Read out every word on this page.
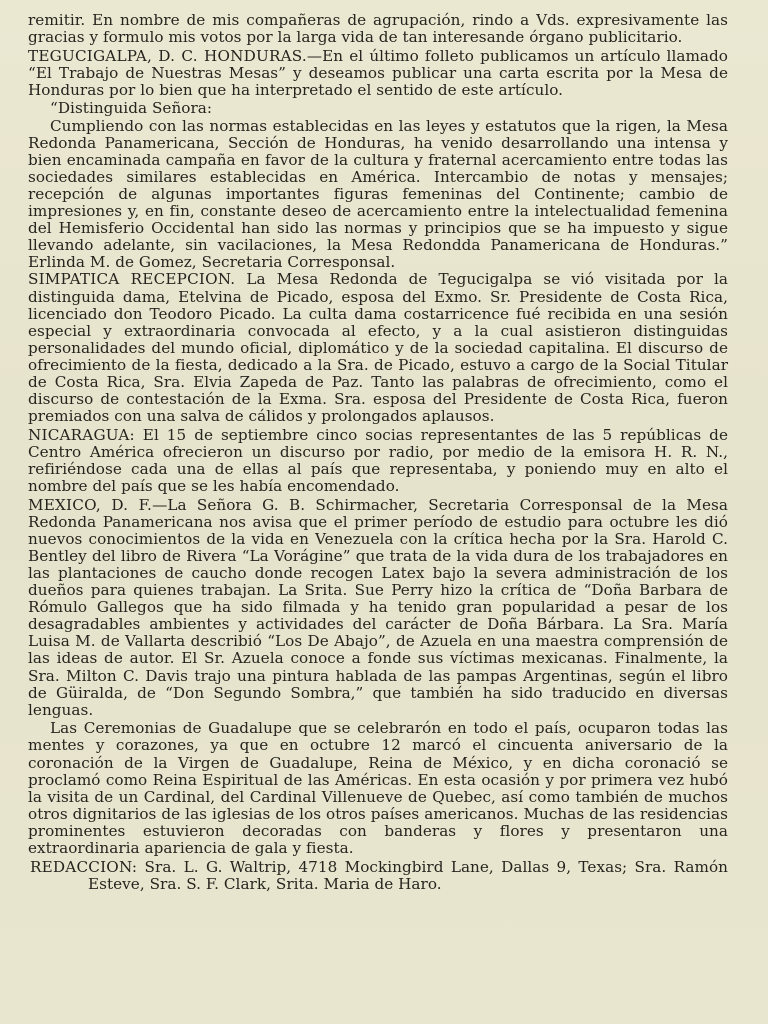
remitir. En nombre de mis compañeras de agrupación, rindo a Vds. expresivamente las gracias y formulo mis votos por la larga vida de tan interesande órgano publicitario.

TEGUCIGALPA, D. C. HONDURAS.—En el último folleto publicamos un artículo llamado “El Trabajo de Nuestras Mesas” y deseamos publicar una carta escrita por la Mesa de Honduras por lo bien que ha interpretado el sentido de este artículo.

“Distinguida Señora:

Cumpliendo con las normas establecidas en las leyes y estatutos que la rigen, la Mesa Redonda Panamericana, Sección de Honduras, ha venido desarrollando una intensa y bien encaminada campaña en favor de la cultura y fraternal acercamiento entre todas las sociedades similares establecidas en América. Intercambio de notas y mensajes; recepción de algunas importantes figuras femeninas del Continente; cambio de impresiones y, en fin, constante deseo de acercamiento entre la intelectualidad femenina del Hemisferio Occidental han sido las normas y principios que se ha impuesto y sigue llevando adelante, sin vacilaciones, la Mesa Redondda Panamericana de Honduras.” Erlinda M. de Gomez, Secretaria Corresponsal.

SIMPATICA RECEPCION. La Mesa Redonda de Tegucigalpa se vió visitada por la distinguida dama, Etelvina de Picado, esposa del Exmo. Sr. Presidente de Costa Rica, licenciado don Teodoro Picado. La culta dama costarricence fué recibida en una sesión especial y extraordinaria convocada al efecto, y a la cual asistieron distinguidas personalidades del mundo oficial, diplomático y de la sociedad capitalina. El discurso de ofrecimiento de la fiesta, dedicado a la Sra. de Picado, estuvo a cargo de la Social Titular de Costa Rica, Sra. Elvia Zapeda de Paz. Tanto las palabras de ofrecimiento, como el discurso de contestación de la Exma. Sra. esposa del Presidente de Costa Rica, fueron premiados con una salva de cálidos y prolongados aplausos.

NICARAGUA: El 15 de septiembre cinco socias representantes de las 5 repúblicas de Centro América ofrecieron un discurso por radio, por medio de la emisora H. R. N., refiriéndose cada una de ellas al país que representaba, y poniendo muy en alto el nombre del país que se les había encomendado.

MEXICO, D. F.—La Señora G. B. Schirmacher, Secretaria Corresponsal de la Mesa Redonda Panamericana nos avisa que el primer período de estudio para octubre les dió nuevos conocimientos de la vida en Venezuela con la crítica hecha por la Sra. Harold C. Bentley del libro de Rivera “La Vorágine” que trata de la vida dura de los trabajadores en las plantaciones de caucho donde recogen Latex bajo la severa administración de los dueños para quienes trabajan. La Srita. Sue Perry hizo la crítica de “Doña Barbara de Rómulo Gallegos que ha sido filmada y ha tenido gran popularidad a pesar de los desagradables ambientes y actividades del carácter de Doña Bárbara. La Sra. María Luisa M. de Vallarta describió “Los De Abajo”, de Azuela en una maestra comprensión de las ideas de autor. El Sr. Azuela conoce a fonde sus víctimas mexicanas. Finalmente, la Sra. Milton C. Davis trajo una pintura hablada de las pampas Argentinas, según el libro de Güiralda, de “Don Segundo Sombra,” que también ha sido traducido en diversas lenguas.

Las Ceremonias de Guadalupe que se celebrarón en todo el país, ocuparon todas las mentes y corazones, ya que en octubre 12 marcó el cincuenta aniversario de la coronación de la Virgen de Guadalupe, Reina de México, y en dicha coronació se proclamó como Reina Espiritual de las Américas. En esta ocasión y por primera vez hubó la visita de un Cardinal, del Cardinal Villenueve de Quebec, así como también de muchos otros dignitarios de las iglesias de los otros países americanos. Muchas de las residencias prominentes estuvieron decoradas con banderas y flores y presentaron una extraordinaria apariencia de gala y fiesta.

REDACCION: Sra. L. G. Waltrip, 4718 Mockingbird Lane, Dallas 9, Texas; Sra. Ramón Esteve, Sra. S. F. Clark, Srita. Maria de Haro.
